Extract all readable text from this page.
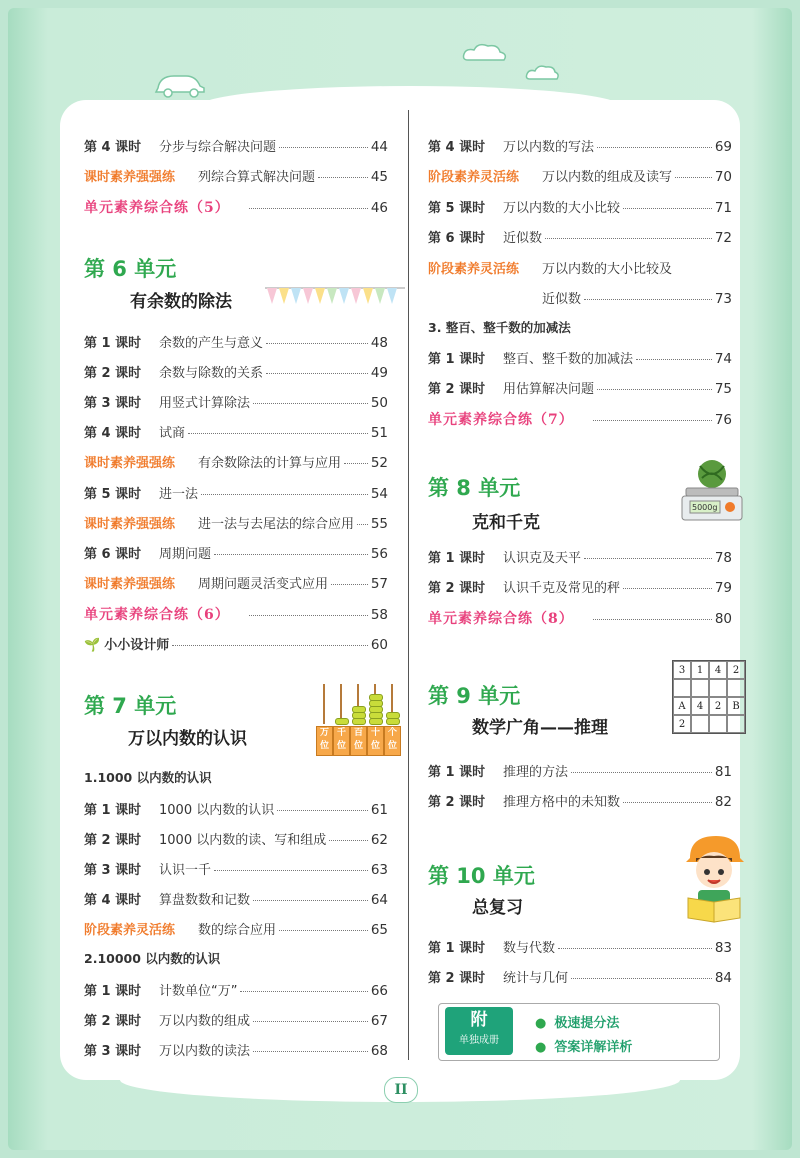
第 4 课时	分步与综合解决问题	44
课时素养强强练	列综合算式解决问题	45
单元素养综合练（5）	46
第 1 课时	余数的产生与意义	48
第 2 课时	余数与除数的关系	49
第 3 课时	用竖式计算除法	50
第 4 课时	试商	51
课时素养强强练	有余数除法的计算与应用 52
第 5 课时	进一法	54
课时素养强强练	进一法与去尾法的综合应用 55
第 6 课时	周期问题	56
课时素养强强练	周期问题灵活变式应用	57
单元素养综合练（6）	58
🌱 小小设计师	60
第 1 课时	1000 以内数的认识	61
第 2 课时	1000 以内数的读、写和组成	62
第 3 课时	认识一千	63
第 4 课时	算盘数数和记数	64
阶段素养灵活练	数的综合应用	65
第 1 课时	计数单位“万”	66
第 2 课时	万以内数的组成	67
第 3 课时	万以内数的读法	68
第 4 课时	万以内数的写法	69
阶段素养灵活练	万以内数的组成及读写	70
第 5 课时	万以内数的大小比较	71
第 6 课时	近似数	72
阶段素养灵活练	万以内数的大小比较及
近似数	73
第 1 课时	整百、整千数的加减法	74
第 2 课时	用估算解决问题	75
单元素养综合练（7）	76
第 1 课时	认识克及天平	78
第 2 课时	认识千克及常见的秤	79
单元素养综合练（8）	80
第 1 课时	推理的方法	81
第 2 课时	推理方格中的未知数	82
第 1 课时	数与代数	83
第 2 课时	统计与几何	84
第 6 单元
有余数的除法
第 7 单元
万以内数的认识	万位
千位
百位
十位
个位
1.1000 以内数的认识
2.10000 以内数的认识
3. 整百、整千数的加减法
第 8 单元
克和千克
5000g
第 9 单元
数学广角——推理
3	1	4	2
A	4	2	B
2
第 10 单元
总复习
附
单独成册
● 极速提分法
● 答案详解详析
II
